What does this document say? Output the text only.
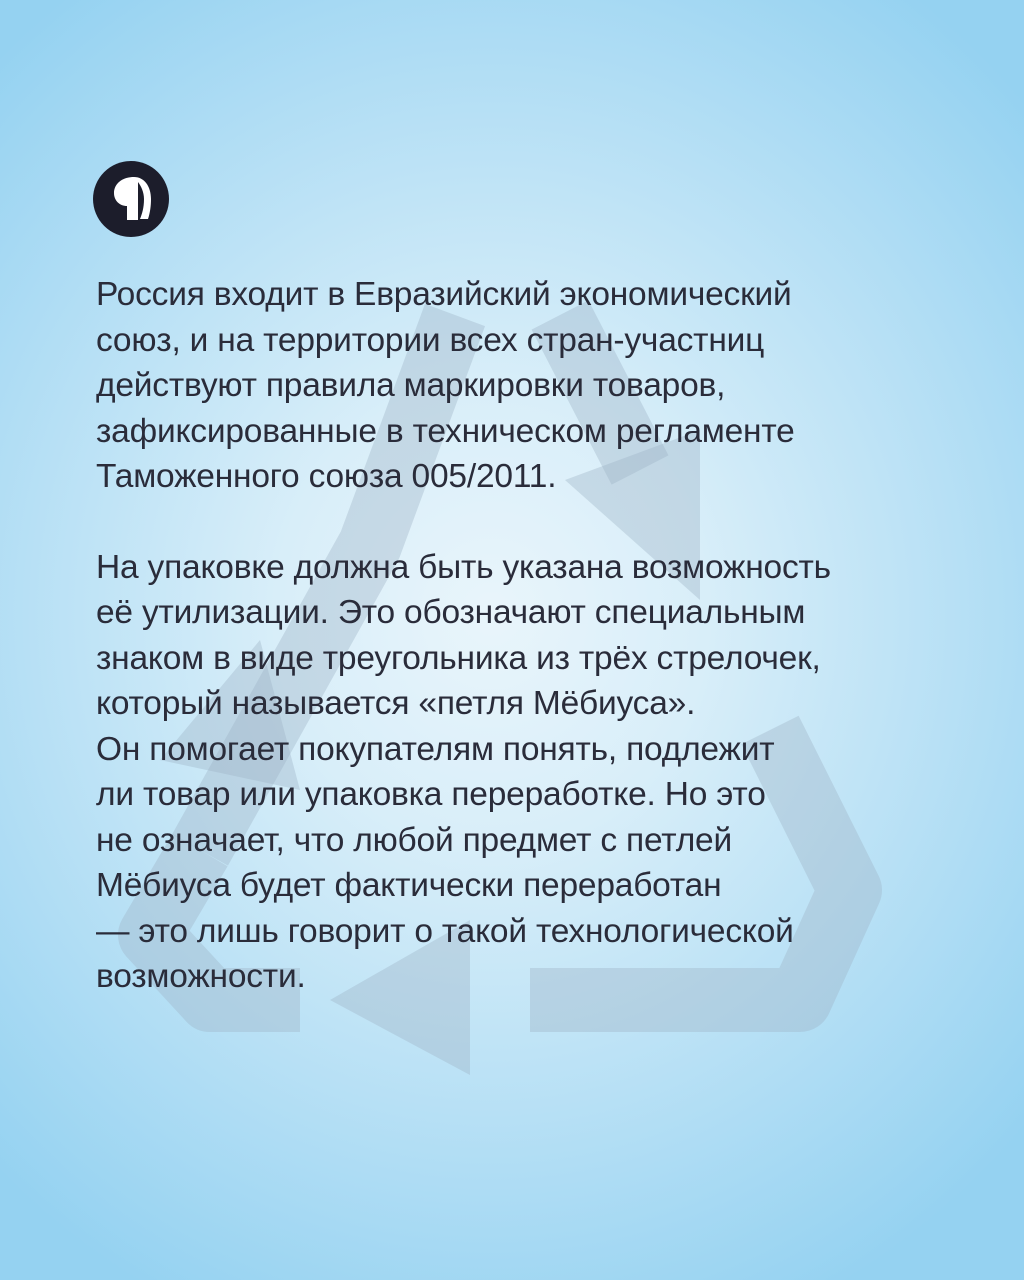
Россия входит в Евразийский экономический
союз, и на территории всех стран-участниц
действуют правила маркировки товаров,
зафиксированные в техническом регламенте
Таможенного союза 005/2011.

На упаковке должна быть указана возможность
её утилизации. Это обозначают специальным
знаком в виде треугольника из трёх стрелочек,
который называется «петля Мёбиуса».
Он помогает покупателям понять, подлежит
ли товар или упаковка переработке. Но это
не означает, что любой предмет с петлей
Мёбиуса будет фактически переработан
— это лишь говорит о такой технологической
возможности.
